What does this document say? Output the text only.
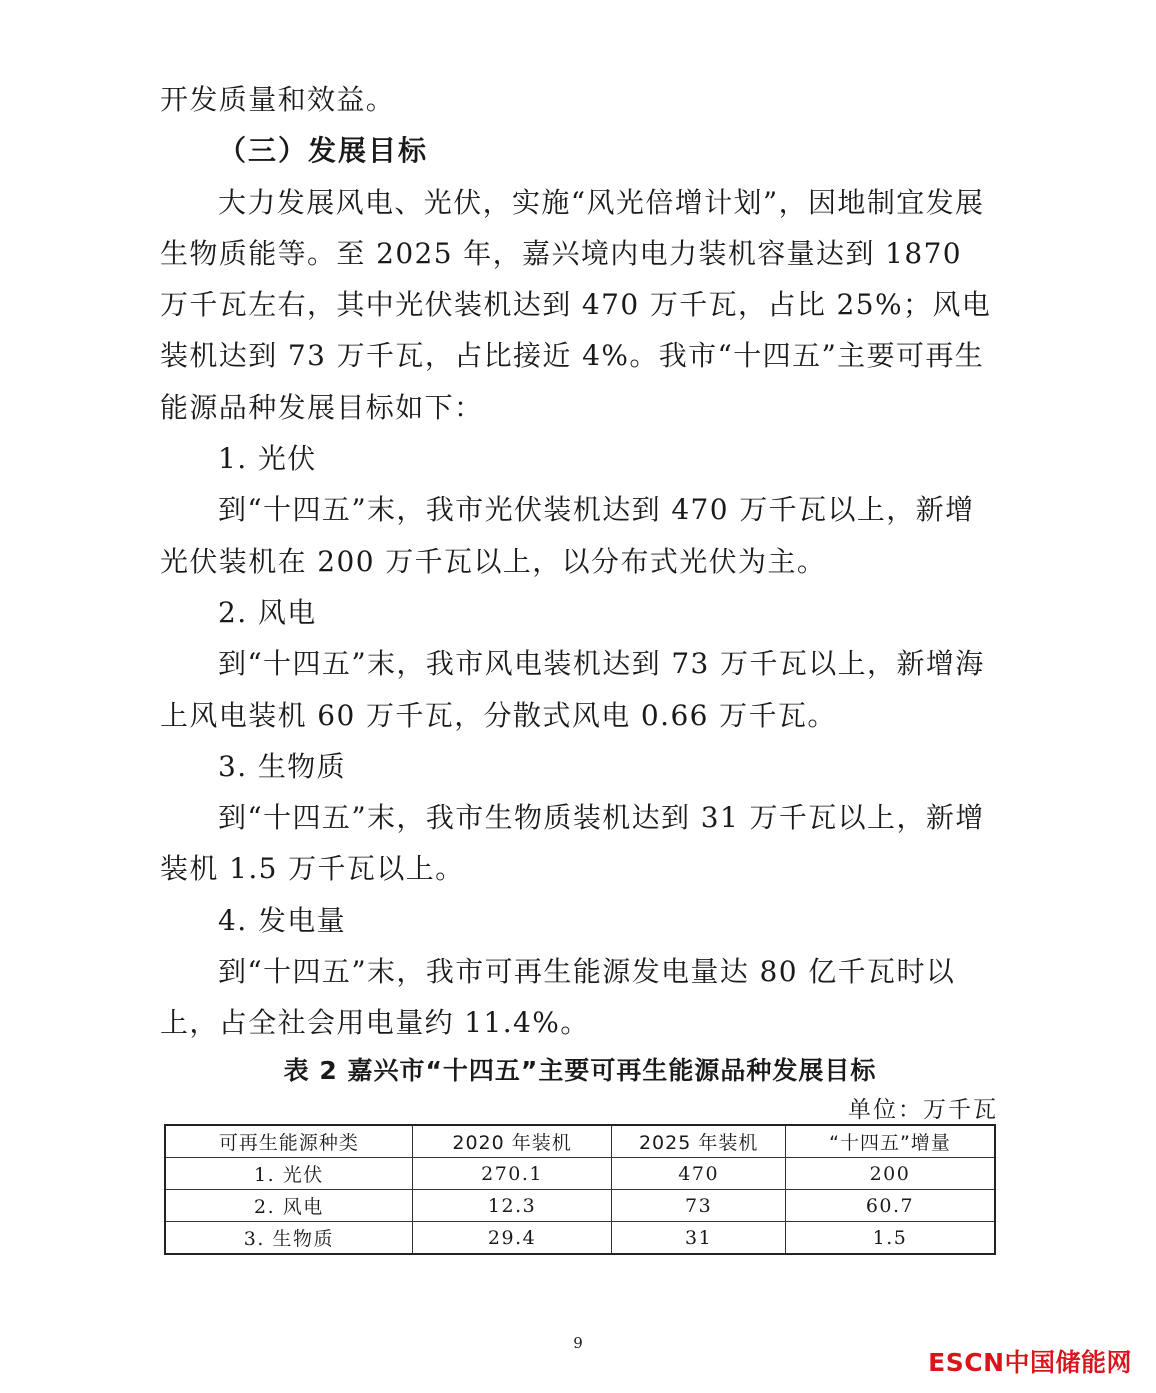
开发质量和效益。

（三）发展目标

大力发展风电、光伏，实施“风光倍增计划”，因地制宜发展生物质能等。至 2025 年，嘉兴境内电力装机容量达到 1870 万千瓦左右，其中光伏装机达到 470 万千瓦，占比 25%；风电装机达到 73 万千瓦，占比接近 4%。我市“十四五”主要可再生能源品种发展目标如下：

1. 光伏

到“十四五”末，我市光伏装机达到 470 万千瓦以上，新增光伏装机在 200 万千瓦以上，以分布式光伏为主。

2. 风电

到“十四五”末，我市风电装机达到 73 万千瓦以上，新增海上风电装机 60 万千瓦，分散式风电 0.66 万千瓦。

3. 生物质

到“十四五”末，我市生物质装机达到 31 万千瓦以上，新增装机 1.5 万千瓦以上。

4. 发电量

到“十四五”末，我市可再生能源发电量达 80 亿千瓦时以上，占全社会用电量约 11.4%。

表 2 嘉兴市“十四五”主要可再生能源品种发展目标
单位：万千瓦
可再生能源种类	2020 年装机	2025 年装机	“十四五”增量
1. 光伏	270.1	470	200
2. 风电	12.3	73	60.7
3. 生物质	29.4	31	1.5
9
ESCN中国储能网
